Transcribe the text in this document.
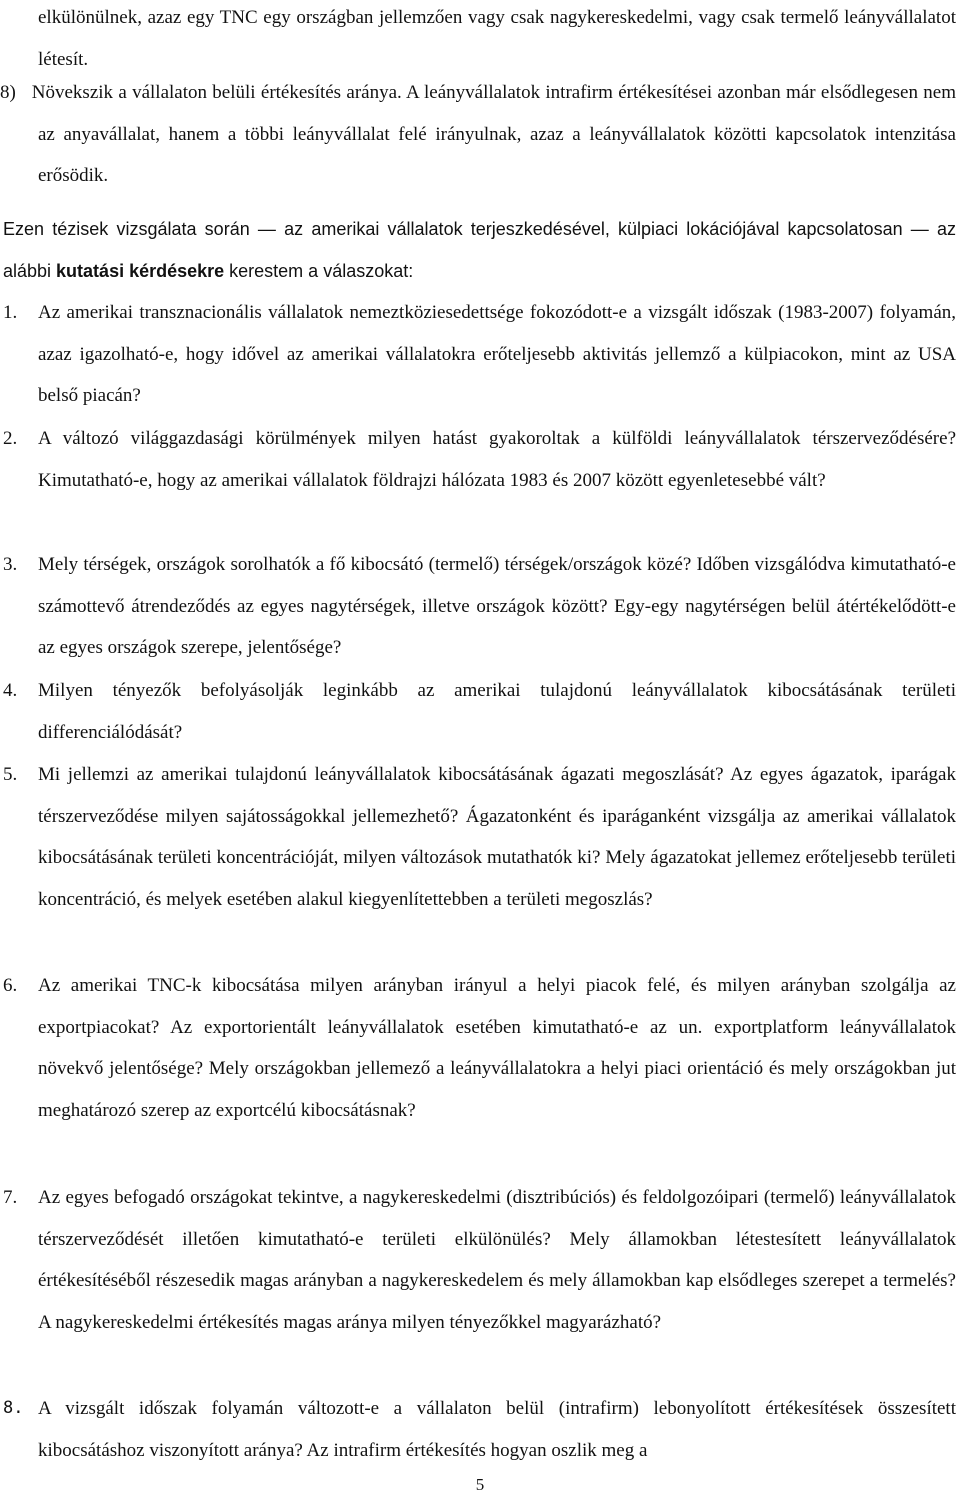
elkülönülnek, azaz egy TNC egy országban jellemzően vagy csak nagykereskedelmi, vagy csak termelő leányvállalatot létesít.
8) Növekszik a vállalaton belüli értékesítés aránya. A leányvállalatok intrafirm értékesítései azonban már elsődlegesen nem az anyavállalat, hanem a többi leányvállalat felé irányulnak, azaz a leányvállalatok közötti kapcsolatok intenzitása erősödik.
Ezen tézisek vizsgálata során — az amerikai vállalatok terjeszkedésével, külpiaci lokációjával kapcsolatosan — az alábbi kutatási kérdésekre kerestem a válaszokat:
1. Az amerikai transznacionális vállalatok nemeztköziesedettsége fokozódott-e a vizsgált időszak (1983-2007) folyamán, azaz igazolható-e, hogy idővel az amerikai vállalatokra erőteljesebb aktivitás jellemző a külpiacokon, mint az USA belső piacán?
2. A változó világgazdasági körülmények milyen hatást gyakoroltak a külföldi leányvállalatok térszerveződésére? Kimutatható-e, hogy az amerikai vállalatok földrajzi hálózata 1983 és 2007 között egyenletesebbé vált?
3. Mely térségek, országok sorolhatók a fő kibocsátó (termelő) térségek/országok közé? Időben vizsgálódva kimutatható-e számottevő átrendeződés az egyes nagytérségek, illetve országok között? Egy-egy nagytérségen belül átértékelődött-e az egyes országok szerepe, jelentősége?
4. Milyen tényezők befolyásolják leginkább az amerikai tulajdonú leányvállalatok kibocsátásának területi differenciálódását?
5. Mi jellemzi az amerikai tulajdonú leányvállalatok kibocsátásának ágazati megoszlását? Az egyes ágazatok, iparágak térszerveződése milyen sajátosságokkal jellemezhető? Ágazatonként és iparáganként vizsgálja az amerikai vállalatok kibocsátásának területi koncentrációját, milyen változások mutathatók ki? Mely ágazatokat jellemez erőteljesebb területi koncentráció, és melyek esetében alakul kiegyenlítettebben a területi megoszlás?
6. Az amerikai TNC-k kibocsátása milyen arányban irányul a helyi piacok felé, és milyen arányban szolgálja az exportpiacokat? Az exportorientált leányvállalatok esetében kimutatható-e az un. exportplatform leányvállalatok növekvő jelentősége? Mely országokban jellemező a leányvállalatokra a helyi piaci orientáció és mely országokban jut meghatározó szerep az exportcélú kibocsátásnak?
7. Az egyes befogadó országokat tekintve, a nagykereskedelmi (disztribúciós) és feldolgozóipari (termelő) leányvállalatok térszerveződését illetően kimutatható-e területi elkülönülés? Mely államokban létestesített leányvállalatok értékesítéséből részesedik magas arányban a nagykereskedelem és mely államokban kap elsődleges szerepet a termelés? A nagykereskedelmi értékesítés magas aránya milyen tényezőkkel magyarázható?
8. A vizsgált időszak folyamán változott-e a vállalaton belül (intrafirm) lebonyolított értékesítések összesített kibocsátáshoz viszonyított aránya? Az intrafirm értékesítés hogyan oszlik meg a
5
